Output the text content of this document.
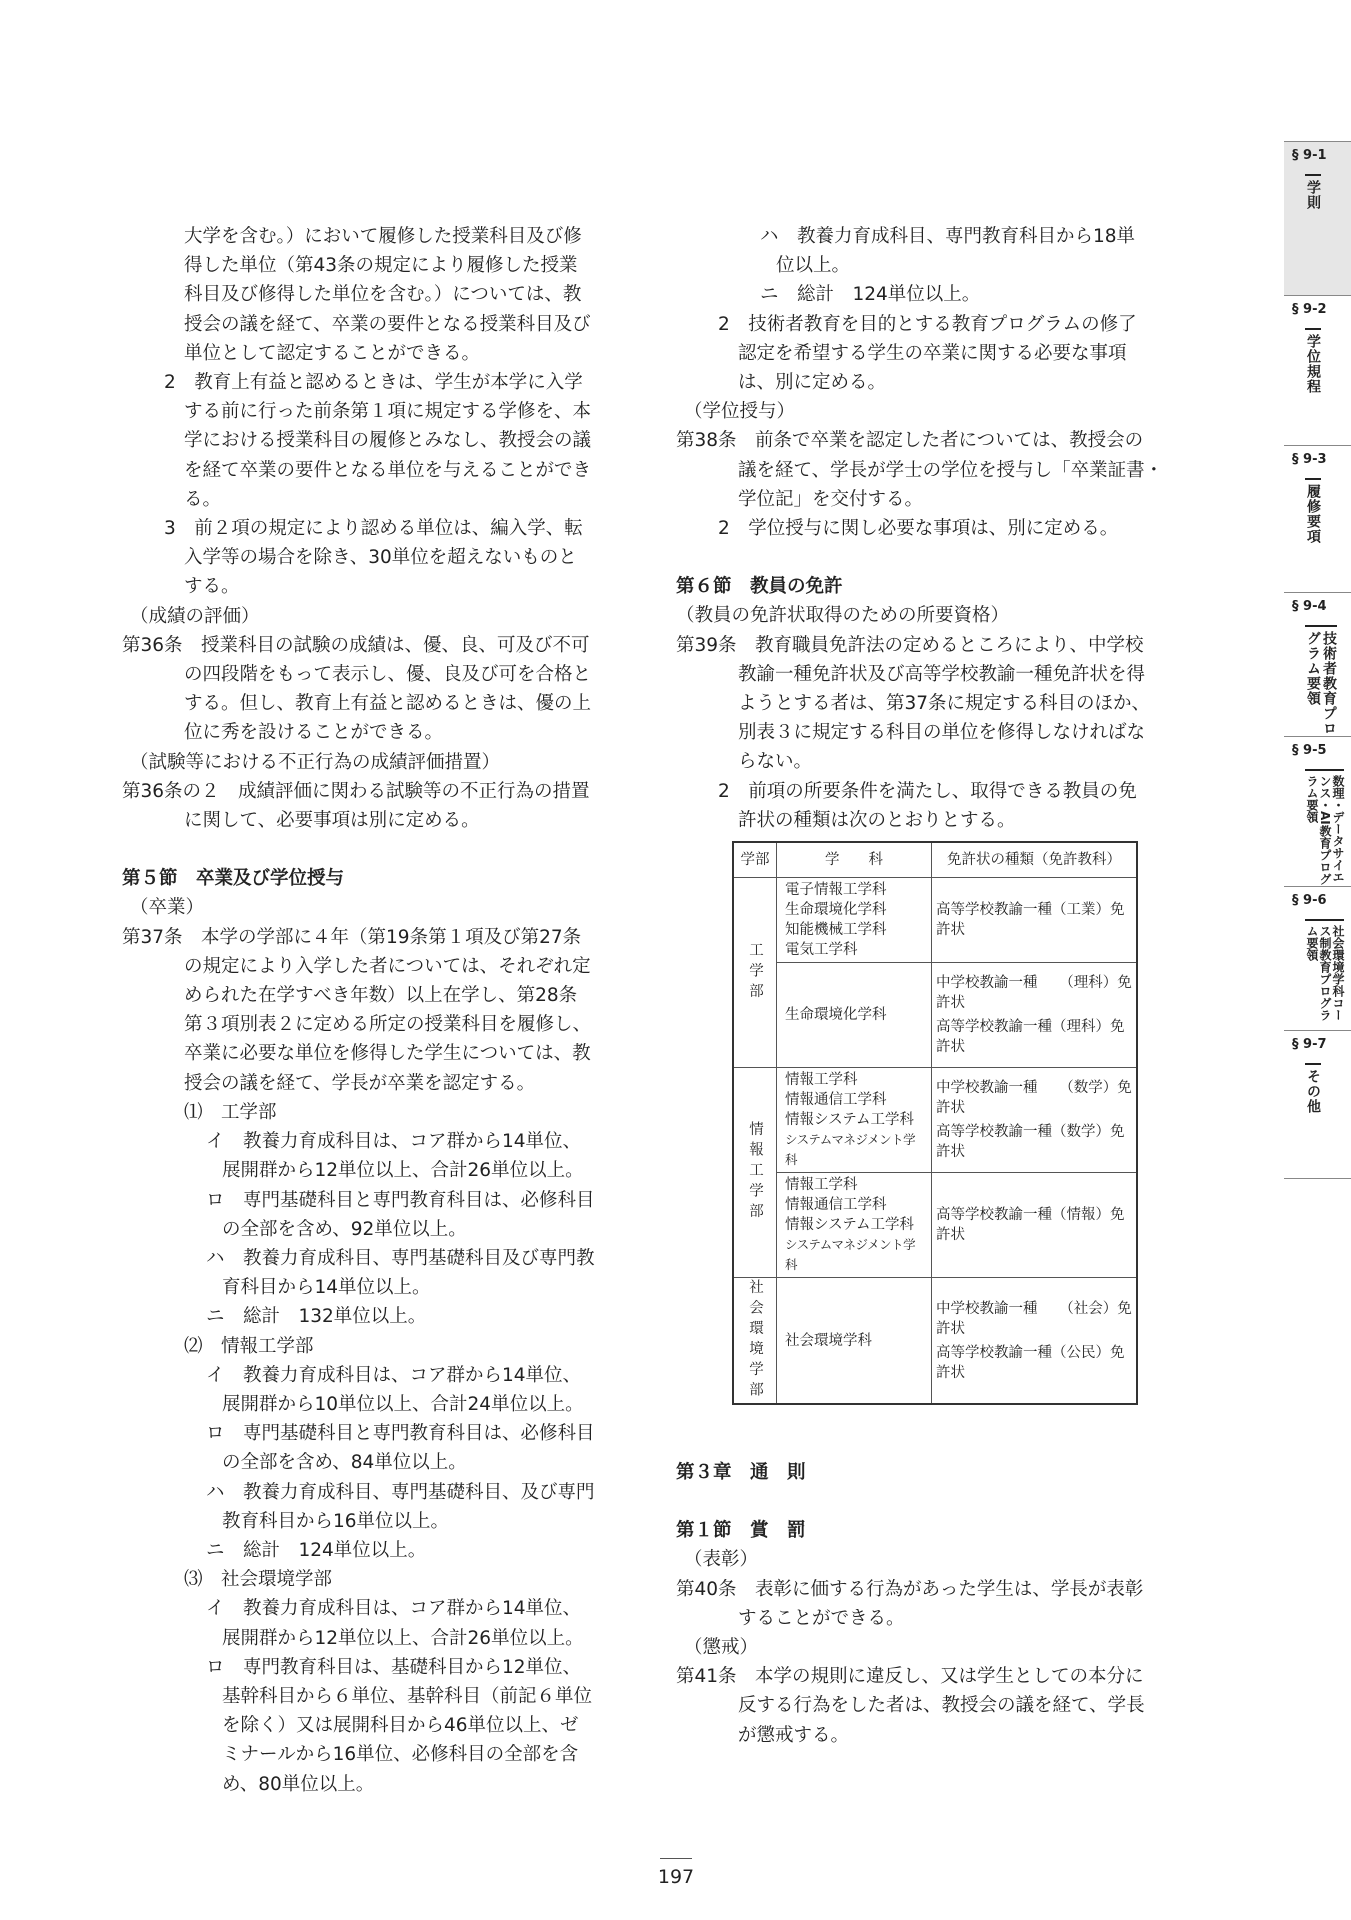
大学を含む。）において履修した授業科目及び修
得した単位（第43条の規定により履修した授業
科目及び修得した単位を含む。）については、教
授会の議を経て、卒業の要件となる授業科目及び
単位として認定することができる。
2　教育上有益と認めるときは、学生が本学に入学
する前に行った前条第１項に規定する学修を、本
学における授業科目の履修とみなし、教授会の議
を経て卒業の要件となる単位を与えることができ
る。
3　前２項の規定により認める単位は、編入学、転
入学等の場合を除き、30単位を超えないものと
する。
（成績の評価）
第36条　授業科目の試験の成績は、優、良、可及び不可
の四段階をもって表示し、優、良及び可を合格と
する。但し、教育上有益と認めるときは、優の上
位に秀を設けることができる。
（試験等における不正行為の成績評価措置）
第36条の２　成績評価に関わる試験等の不正行為の措置
に関して、必要事項は別に定める。
第５節　卒業及び学位授与
（卒業）
第37条　本学の学部に４年（第19条第１項及び第27条
の規定により入学した者については、それぞれ定
められた在学すべき年数）以上在学し、第28条
第３項別表２に定める所定の授業科目を履修し、
卒業に必要な単位を修得した学生については、教
授会の議を経て、学長が卒業を認定する。
⑴　工学部
イ　教養力育成科目は、コア群から14単位、
展開群から12単位以上、合計26単位以上。
ロ　専門基礎科目と専門教育科目は、必修科目
の全部を含め、92単位以上。
ハ　教養力育成科目、専門基礎科目及び専門教
育科目から14単位以上。
ニ　総計　132単位以上。
⑵　情報工学部
イ　教養力育成科目は、コア群から14単位、
展開群から10単位以上、合計24単位以上。
ロ　専門基礎科目と専門教育科目は、必修科目
の全部を含め、84単位以上。
ハ　教養力育成科目、専門基礎科目、及び専門
教育科目から16単位以上。
ニ　総計　124単位以上。
⑶　社会環境学部
イ　教養力育成科目は、コア群から14単位、
展開群から12単位以上、合計26単位以上。
ロ　専門教育科目は、基礎科目から12単位、
基幹科目から６単位、基幹科目（前記６単位
を除く）又は展開科目から46単位以上、ゼ
ミナールから16単位、必修科目の全部を含
め、80単位以上。
ハ　教養力育成科目、専門教育科目から18単
位以上。
ニ　総計　124単位以上。
2　技術者教育を目的とする教育プログラムの修了
認定を希望する学生の卒業に関する必要な事項
は、別に定める。
（学位授与）
第38条　前条で卒業を認定した者については、教授会の
議を経て、学長が学士の学位を授与し「卒業証書・
学位記」を交付する。
2　学位授与に関し必要な事項は、別に定める。
第６節　教員の免許
（教員の免許状取得のための所要資格）
第39条　教育職員免許法の定めるところにより、中学校
教諭一種免許状及び高等学校教諭一種免許状を得
ようとする者は、第37条に規定する科目のほか、
別表３に規定する科目の単位を修得しなければな
らない。
2　前項の所要条件を満たし、取得できる教員の免
許状の種類は次のとおりとする。
学部	学　　科	免許状の種類（免許教科）

工学部	電子情報工学科
生命環境化学科
知能機械工学科
電気工学科	高等学校教諭一種（工業）免許状

	生命環境化学科	中学校教諭一種　　（理科）免許状
高等学校教諭一種（理科）免許状

情報工学部	情報工学科
情報通信工学科
情報システム工学科
システムマネジメント学科	中学校教諭一種　　（数学）免許状
高等学校教諭一種（数学）免許状

	情報工学科
情報通信工学科
情報システム工学科
システムマネジメント学科	高等学校教諭一種（情報）免許状

社会環境学部	社会環境学科	中学校教諭一種　　（社会）免許状
高等学校教諭一種（公民）免許状
第３章　通　則
第１節　賞　罰
（表彰）
第40条　表彰に価する行為があった学生は、学長が表彰
することができる。
（懲戒）
第41条　本学の規則に違反し、又は学生としての本分に
反する行為をした者は、教授会の議を経て、学長
が懲戒する。
§ 9-1
学則
§ 9-2
学位規程
§ 9-3
履修要項
§ 9-4
技術者教育プログラム要領
§ 9-5
数理・データサイエンス・AI教育プログラム要領
§ 9-6
社会環境学科コース制教育プログラム要領
§ 9-7
その他
197
